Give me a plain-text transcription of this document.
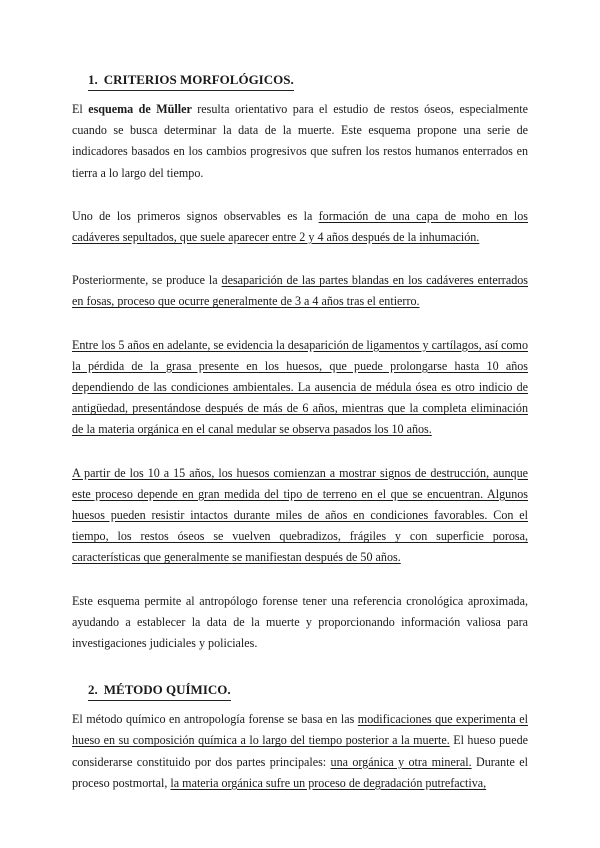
1. CRITERIOS MORFOLÓGICOS.

El esquema de Müller resulta orientativo para el estudio de restos óseos, especialmente cuando se busca determinar la data de la muerte. Este esquema propone una serie de indicadores basados en los cambios progresivos que sufren los restos humanos enterrados en tierra a lo largo del tiempo.

Uno de los primeros signos observables es la formación de una capa de moho en los cadáveres sepultados, que suele aparecer entre 2 y 4 años después de la inhumación.

Posteriormente, se produce la desaparición de las partes blandas en los cadáveres enterrados en fosas, proceso que ocurre generalmente de 3 a 4 años tras el entierro.

Entre los 5 años en adelante, se evidencia la desaparición de ligamentos y cartílagos, así como la pérdida de la grasa presente en los huesos, que puede prolongarse hasta 10 años dependiendo de las condiciones ambientales. La ausencia de médula ósea es otro indicio de antigüedad, presentándose después de más de 6 años, mientras que la completa eliminación de la materia orgánica en el canal medular se observa pasados los 10 años.

A partir de los 10 a 15 años, los huesos comienzan a mostrar signos de destrucción, aunque este proceso depende en gran medida del tipo de terreno en el que se encuentran. Algunos huesos pueden resistir intactos durante miles de años en condiciones favorables. Con el tiempo, los restos óseos se vuelven quebradizos, frágiles y con superficie porosa, características que generalmente se manifiestan después de 50 años.

Este esquema permite al antropólogo forense tener una referencia cronológica aproximada, ayudando a establecer la data de la muerte y proporcionando información valiosa para investigaciones judiciales y policiales.

2. MÉTODO QUÍMICO.

El método químico en antropología forense se basa en las modificaciones que experimenta el hueso en su composición química a lo largo del tiempo posterior a la muerte. El hueso puede considerarse constituido por dos partes principales: una orgánica y otra mineral. Durante el proceso postmortal, la materia orgánica sufre un proceso de degradación putrefactiva,
